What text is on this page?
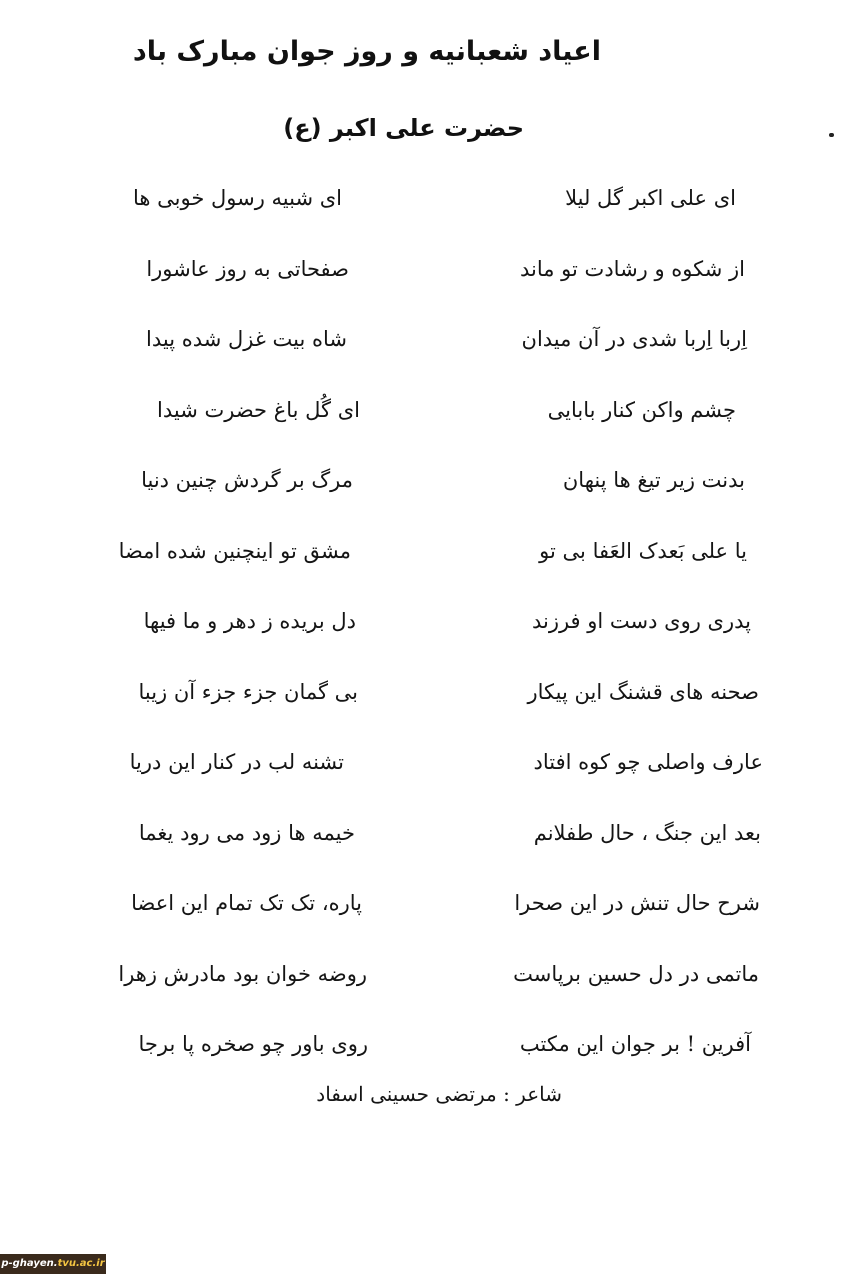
اعیاد شعبانیه و روز جوان مبارک باد
حضرت علی اکبر (ع)
ای علی اکبر گل لیلا
ای شبیه رسول خوبی ها
از شکوه و رشادت تو ماند
صفحاتی به روز عاشورا
اِربا اِربا شدی در آن میدان
شاه بیت غزل شده پیدا
چشم واکن کنار بابایی
ای گُل باغ حضرت شیدا
بدنت زیر تیغ ها پنهان
مرگ بر گردش چنین دنیا
یا علی بَعدک العَفا بی تو
مشق تو اینچنین شده امضا
پدری روی دست او فرزند
دل بریده ز دهر و ما فیها
صحنه های قشنگ این پیکار
بی گمان جزء جزء آن زیبا
عارف واصلی چو کوه افتاد
تشنه لب در کنار این دریا
بعد این جنگ ، حال طفلانم
خیمه ها زود می رود یغما
شرح حال تنش در این صحرا
پاره، تک تک تمام این اعضا
ماتمی در دل حسین برپاست
روضه خوان بود مادرش زهرا
آفرین ! بر جوان این مکتب
روی باور چو صخره پا برجا
شاعر : مرتضی حسینی اسفاد
p-ghayen.tvu.ac.ir
